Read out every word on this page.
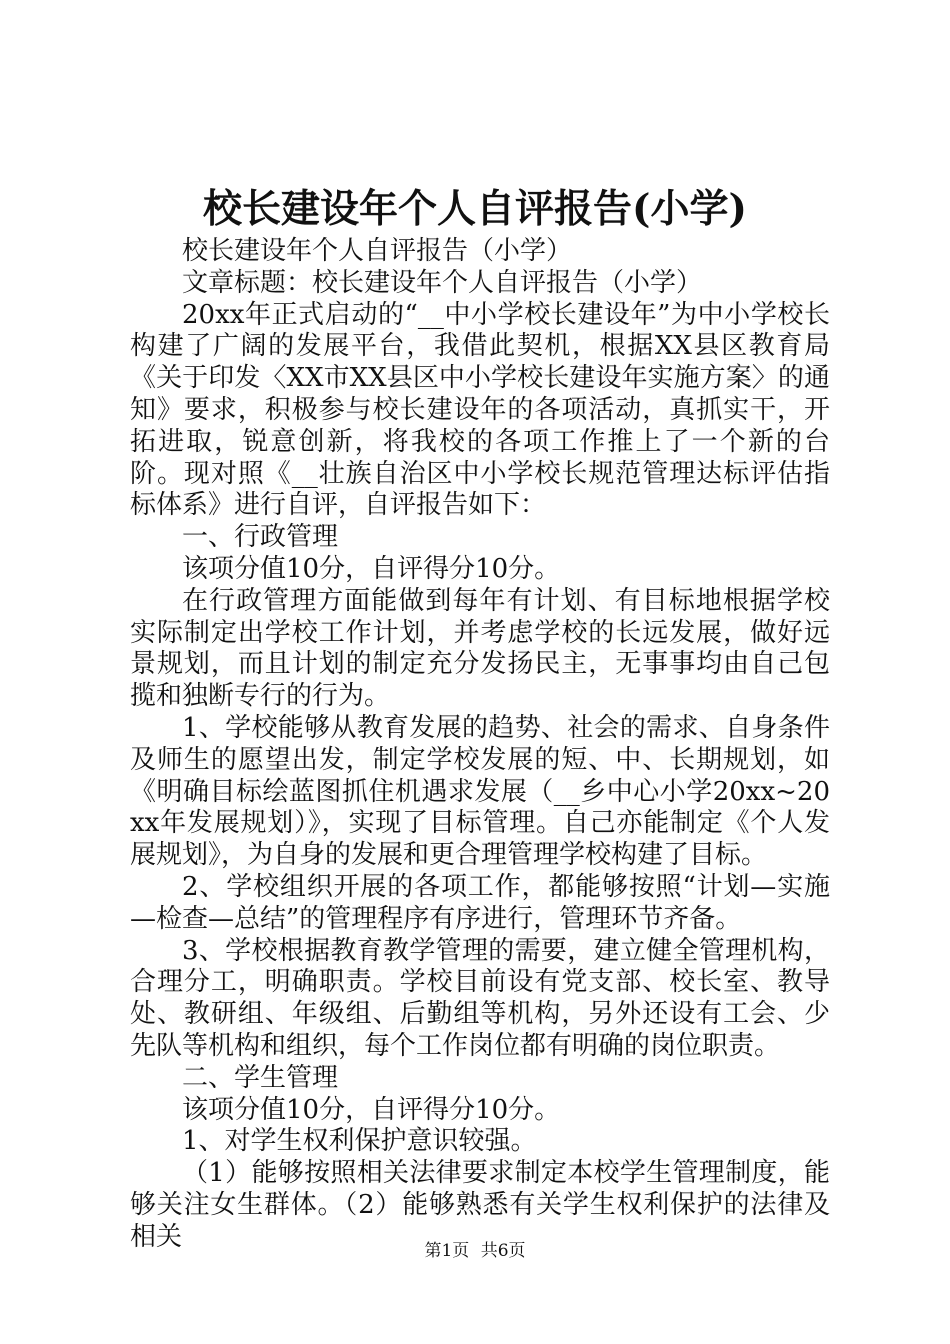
校长建设年个人自评报告(小学)

校长建设年个人自评报告（小学）

文章标题：校长建设年个人自评报告（小学）

20xx年正式启动的“__中小学校长建设年”为中小学校长构建了广阔的发展平台，我借此契机，根据XX县区教育局《关于印发〈XX市XX县区中小学校长建设年实施方案〉的通知》要求，积极参与校长建设年的各项活动，真抓实干，开拓进取，锐意创新，将我校的各项工作推上了一个新的台阶。现对照《__壮族自治区中小学校长规范管理达标评估指标体系》进行自评，自评报告如下：

一、行政管理

该项分值10分，自评得分10分。

在行政管理方面能做到每年有计划、有目标地根据学校实际制定出学校工作计划，并考虑学校的长远发展，做好远景规划，而且计划的制定充分发扬民主，无事事均由自己包揽和独断专行的行为。

1、学校能够从教育发展的趋势、社会的需求、自身条件及师生的愿望出发，制定学校发展的短、中、长期规划，如《明确目标绘蓝图抓住机遇求发展（__乡中心小学20xx~20xx年发展规划）》，实现了目标管理。自己亦能制定《个人发展规划》，为自身的发展和更合理管理学校构建了目标。

2、学校组织开展的各项工作，都能够按照“计划—实施—检查—总结”的管理程序有序进行，管理环节齐备。

3、学校根据教育教学管理的需要，建立健全管理机构，合理分工，明确职责。学校目前设有党支部、校长室、教导处、教研组、年级组、后勤组等机构，另外还设有工会、少先队等机构和组织，每个工作岗位都有明确的岗位职责。

二、学生管理

该项分值10分，自评得分10分。

1、对学生权利保护意识较强。

（1）能够按照相关法律要求制定本校学生管理制度，能够关注女生群体。（2）能够熟悉有关学生权利保护的法律及相关	第1页 共6页
